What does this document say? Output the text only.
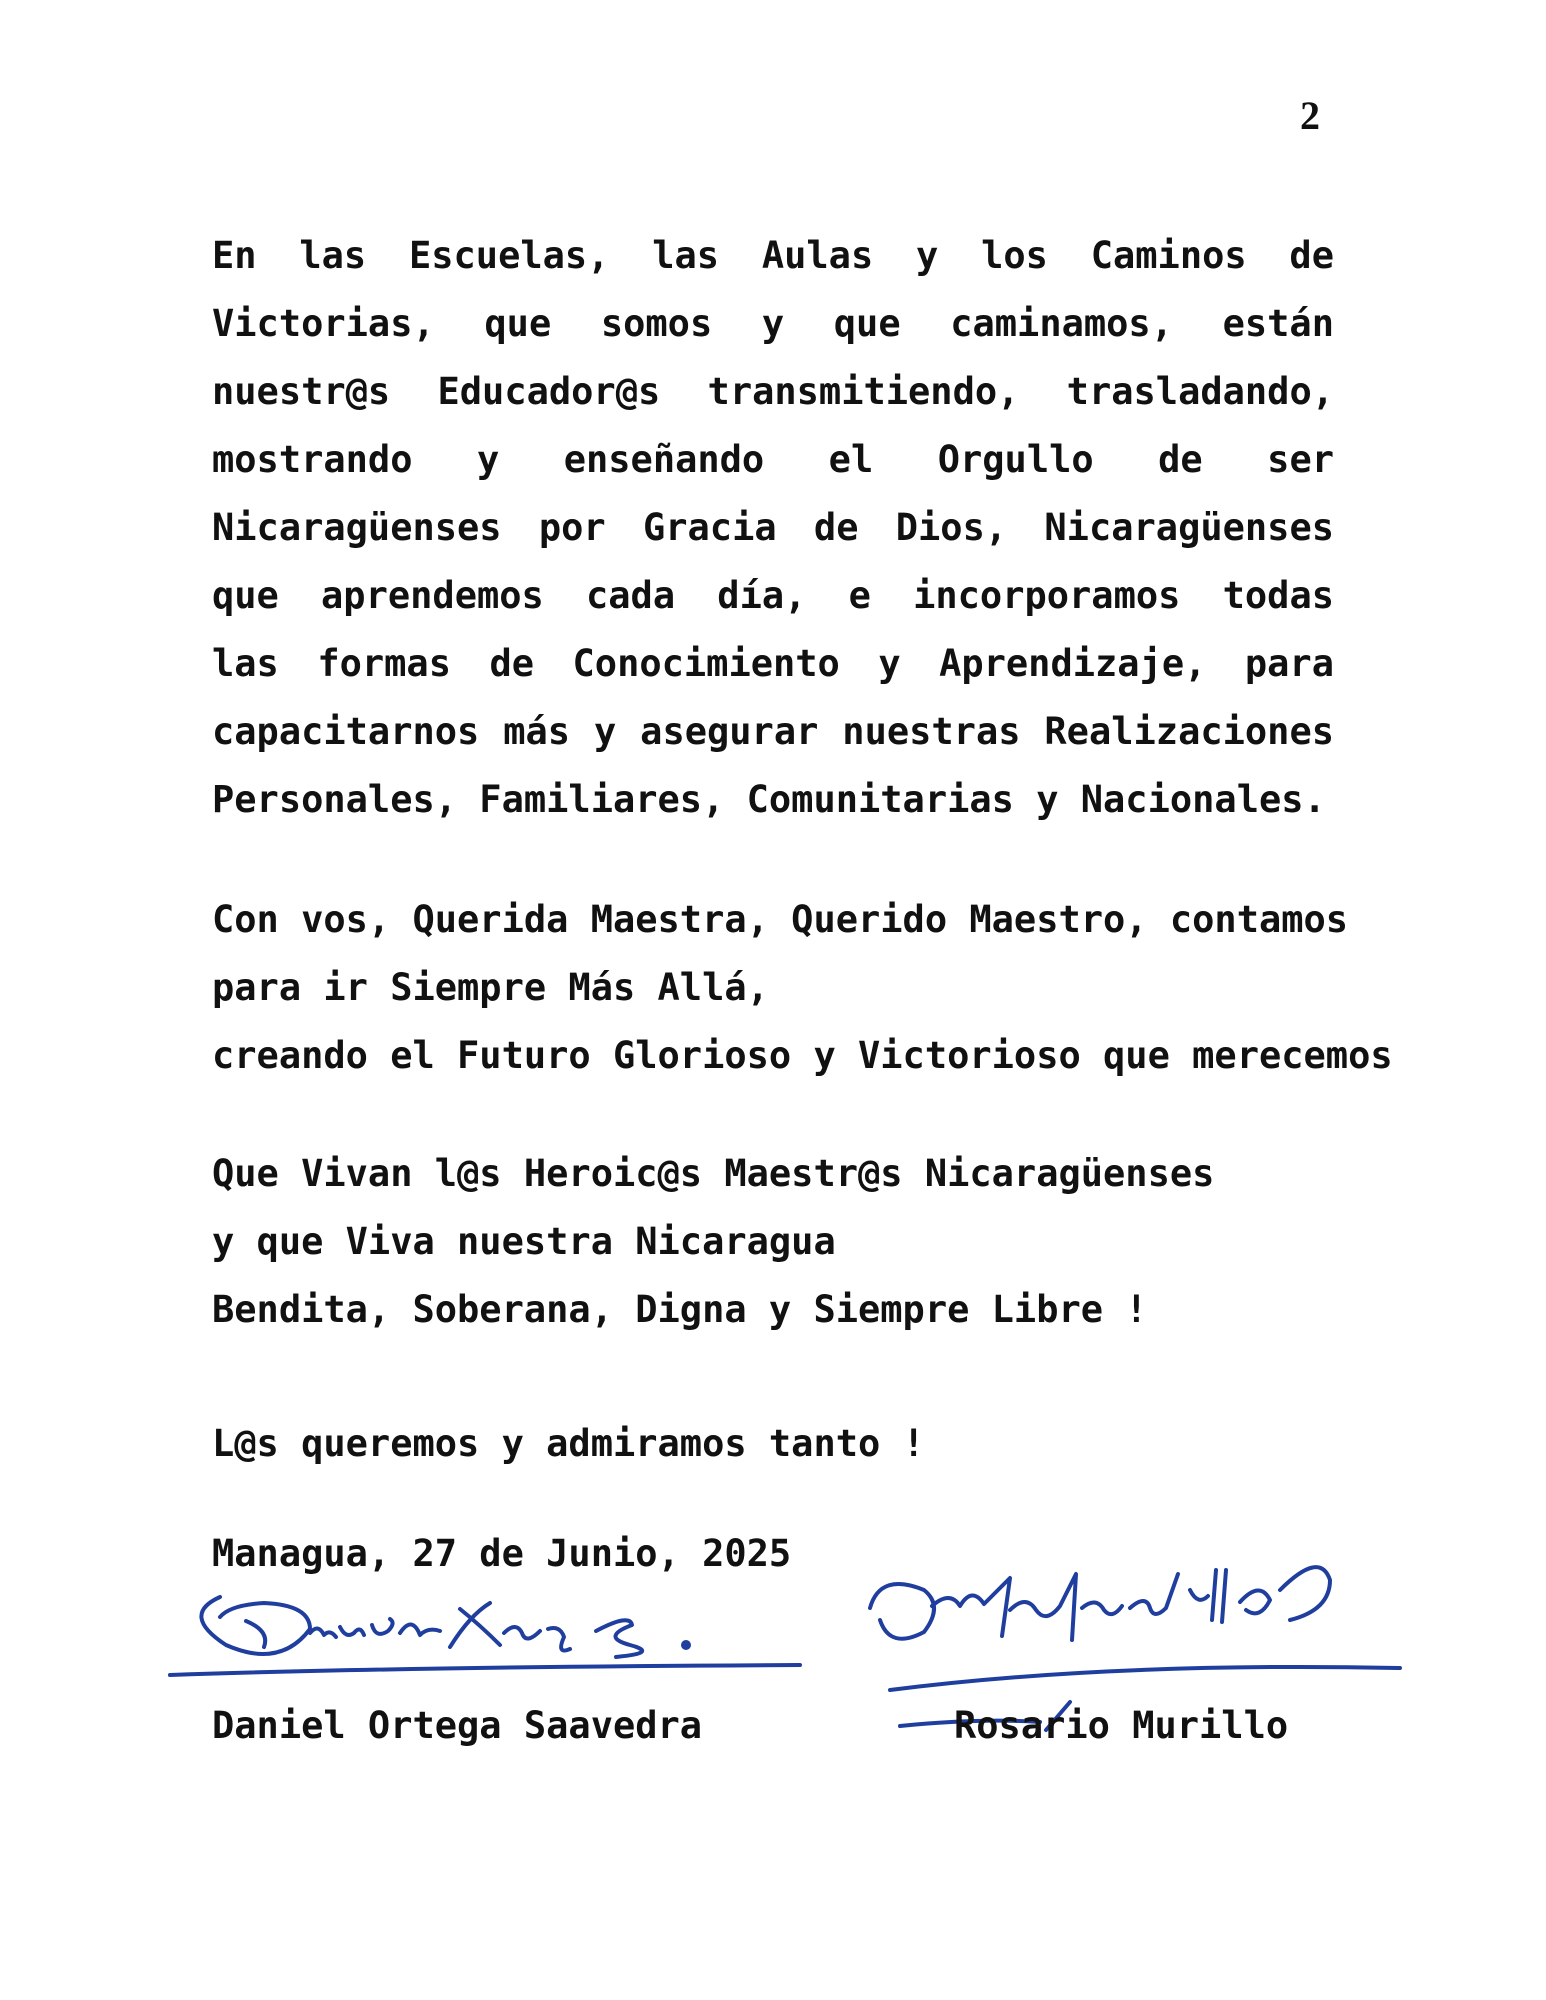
2
En las Escuelas, las Aulas y los Caminos de
Victorias, que somos y que caminamos, están
nuestr@s Educador@s transmitiendo, trasladando,
mostrando y enseñando el Orgullo de ser
Nicaragüenses por Gracia de Dios, Nicaragüenses
que aprendemos cada día, e incorporamos todas
las formas de Conocimiento y Aprendizaje, para
capacitarnos más y asegurar nuestras Realizaciones
Personales, Familiares, Comunitarias y Nacionales.
Con vos, Querida Maestra, Querido Maestro, contamos
para ir Siempre Más Allá,
creando el Futuro Glorioso y Victorioso que merecemos
Que Vivan l@s Heroic@s Maestr@s Nicaragüenses
y que Viva nuestra Nicaragua
Bendita, Soberana, Digna y Siempre Libre !
L@s queremos y admiramos tanto !
Managua, 27 de Junio, 2025
Daniel Ortega Saavedra	Rosario Murillo
